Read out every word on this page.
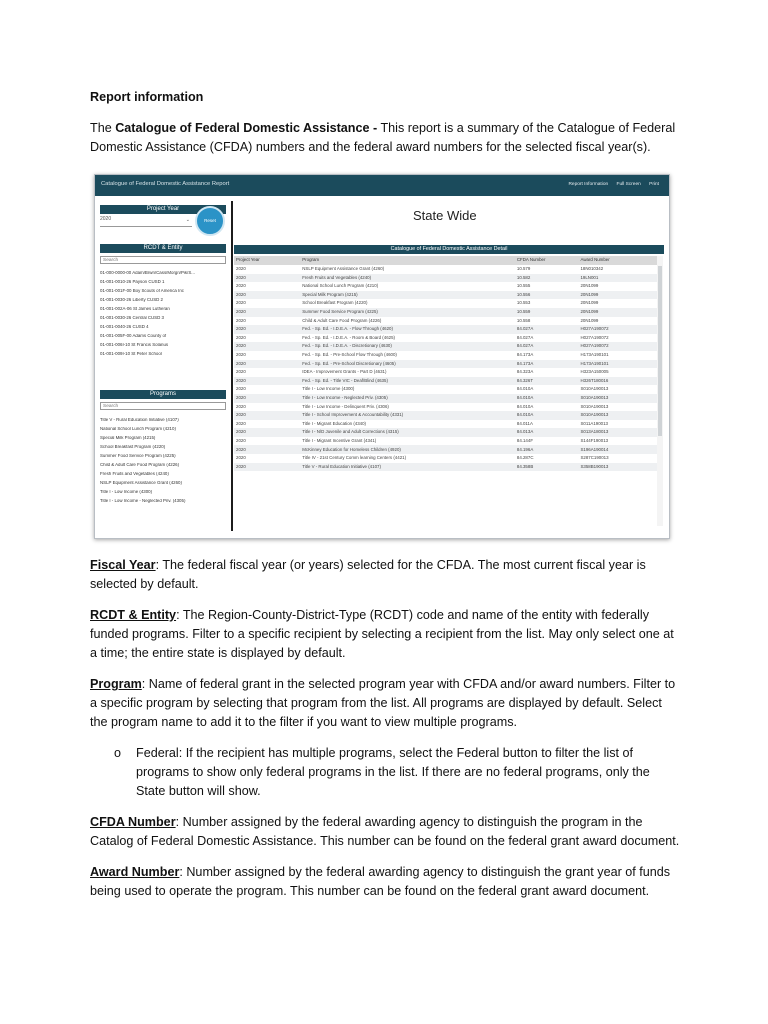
Report information

The Catalogue of Federal Domestic Assistance - This report is a summary of the Catalogue of Federal Domestic Assistance (CFDA) numbers and the federal award numbers for the selected fiscal year(s).

Catalogue of Federal Domestic Assistance Report	Report Information Full Screen Print
Project Year
2020	⌄	Reset
RCDT & Entity
Search
01-000-0000-00 Adam/Brwn/Cass/Morgn/Pik/S...
01-001-0010-26 Payson CUSD 1
01-001-001F-00 Boy Scouts of America Inc
01-001-0030-26 Liberty CUSD 2
01-001-002A-06 St James Lutheran
01-001-0030-26 Central CUSD 3
01-001-0040-26 CUSD 4
01-001-005F-00 Adams County of
01-001-006I-10 St Francis Solanus
01-001-009I-10 St Peter School
Programs
Search
Title V - Rural Education Initiative (4107)
National School Lunch Program (4210)
Special Milk Program (4215)
School Breakfast Program (4220)
Summer Food Service Program (4225)
Child & Adult Care Food Program (4226)
Fresh Fruits and Vegetables (4240)
NSLP Equipment Assistance Grant (4260)
Title I - Low Income (4300)
Title I - Low Income - Neglected Priv. (4305)
State Wide
Catalogue of Federal Domestic Assistance Detail
Project Year	Program	CFDA Number	Award Number
2020	NSLP Equipment Assistance Grant (4260)	10.579	18N010342
2020	Fresh Fruits and Vegetables (4240)	10.582	19LN001
2020	National School Lunch Program (4210)	10.555	20N1099
2020	Special Milk Program (4215)	10.556	20N1099
2020	School Breakfast Program (4220)	10.553	20N1099
2020	Summer Food Service Program (4225)	10.559	20N1099
2020	Child & Adult Care Food Program (4226)	10.558	20N1099
2020	Fed. - Sp. Ed. - I.D.E.A. - Flow Through (4620)	84.027A	H027A190072
2020	Fed. - Sp. Ed. - I.D.E.A. - Room & Board (4625)	84.027A	H027A190072
2020	Fed. - Sp. Ed. - I.D.E.A. - Discretionary (4630)	84.027A	H027A190072
2020	Fed. - Sp. Ed. - Pre-School Flow Through (4600)	84.173A	H173A190101
2020	Fed. - Sp. Ed. - Pre-School Discretionary (4605)	84.173A	H173A190101
2020	IDEA - Improvement Grants - Part D (4631)	84.323A	H323A150005
2020	Fed. - Sp. Ed. - Title VIC - Deaf/Blind (4635)	84.326T	H326T180016
2020	Title I - Low Income (4300)	84.010A	S010A190013
2020	Title I - Low Income - Neglected Priv. (4305)	84.010A	S010A190013
2020	Title I - Low Income - Delinquent Priv. (4306)	84.010A	S010A190013
2020	Title I - School Improvement & Accountability (4331)	84.010A	S010A190013
2020	Title I - Migrant Education (4340)	84.011A	S011A190013
2020	Title I - N/D Juvenile and Adult Corrections (4315)	84.013A	S013A180013
2020	Title I - Migrant Incentive Grant (4341)	84.144F	S144F190013
2020	McKinney Education for Homeless Children (4920)	84.196A	S196A190014
2020	Title IV - 21st Century Comm learning Centers (4421)	84.287C	S287C190013
2020	Title V - Rural Education Initiative (4107)	84.358B	S358B190013

Fiscal Year: The federal fiscal year (or years) selected for the CFDA. The most current fiscal year is selected by default.

RCDT & Entity: The Region-County-District-Type (RCDT) code and name of the entity with federally funded programs. Filter to a specific recipient by selecting a recipient from the list. May only select one at a time; the entire state is displayed by default.

Program: Name of federal grant in the selected program year with CFDA and/or award numbers. Filter to a specific program by selecting that program from the list. All programs are displayed by default. Select the program name to add it to the filter if you want to view multiple programs.

o Federal: If the recipient has multiple programs, select the Federal button to filter the list of programs to show only federal programs in the list. If there are no federal programs, only the State button will show.

CFDA Number: Number assigned by the federal awarding agency to distinguish the program in the Catalog of Federal Domestic Assistance. This number can be found on the federal grant award document.

Award Number: Number assigned by the federal awarding agency to distinguish the grant year of funds being used to operate the program. This number can be found on the federal grant award document.
